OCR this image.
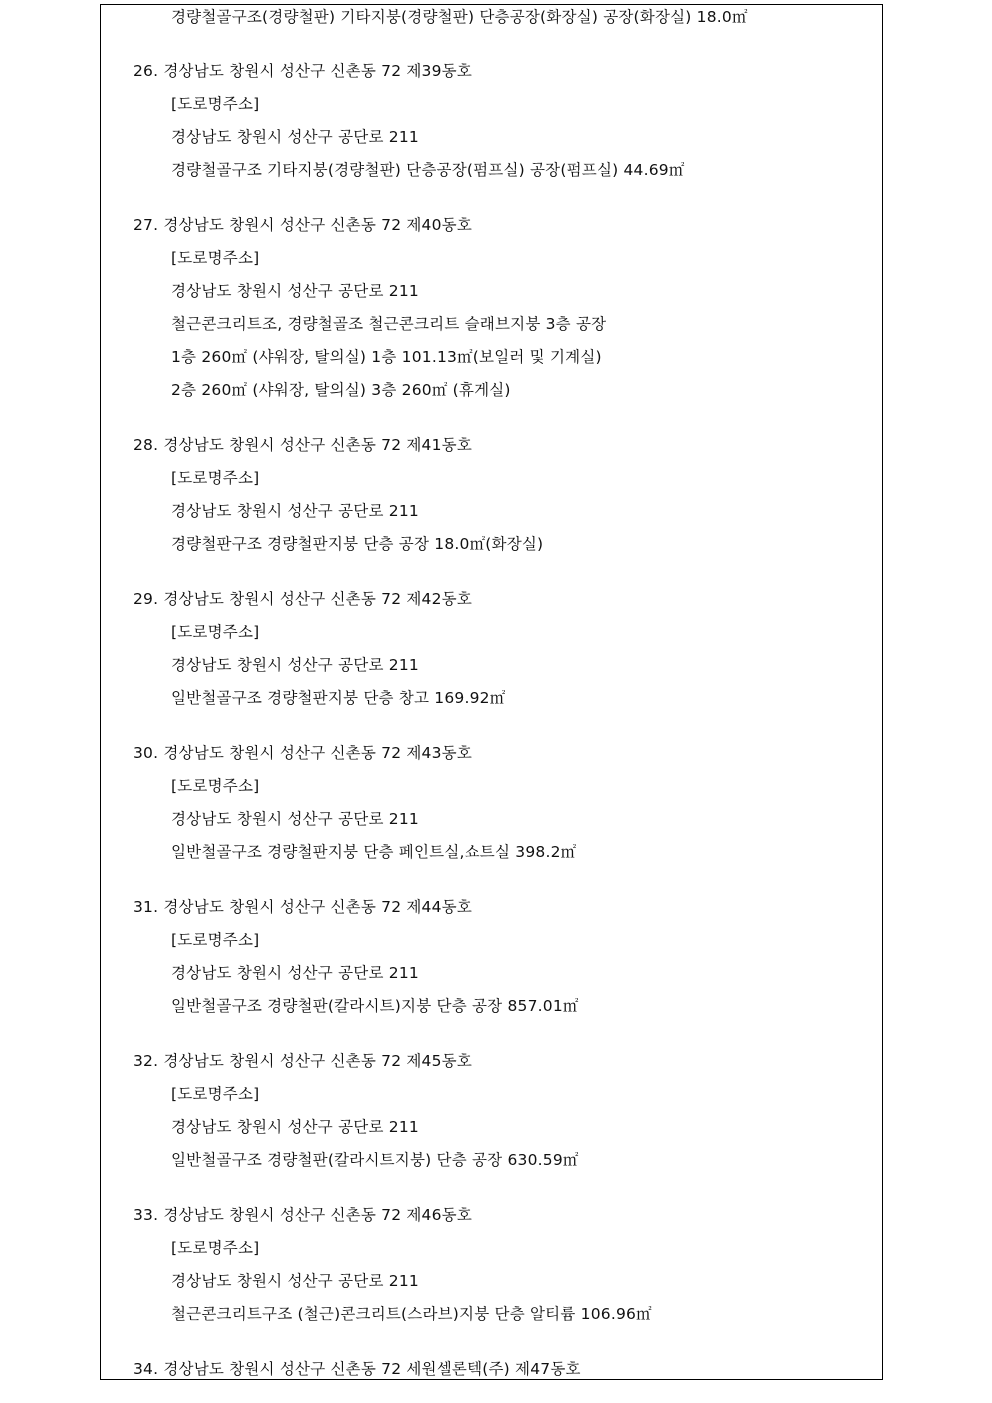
경량철골구조(경량철판) 기타지붕(경량철판) 단층공장(화장실) 공장(화장실) 18.0㎡
26. 경상남도 창원시 성산구 신촌동 72 제39동호
[도로명주소]
경상남도 창원시 성산구 공단로 211
경량철골구조 기타지붕(경량철판) 단층공장(펌프실) 공장(펌프실) 44.69㎡
27. 경상남도 창원시 성산구 신촌동 72 제40동호
[도로명주소]
경상남도 창원시 성산구 공단로 211
철근콘크리트조, 경량철골조 철근콘크리트 슬래브지붕 3층 공장
1층 260㎡ (샤워장, 탈의실) 1층 101.13㎡(보일러 및 기계실)
2층 260㎡ (샤워장, 탈의실) 3층 260㎡ (휴게실)
28. 경상남도 창원시 성산구 신촌동 72 제41동호
[도로명주소]
경상남도 창원시 성산구 공단로 211
경량철판구조 경량철판지붕 단층 공장 18.0㎡(화장실)
29. 경상남도 창원시 성산구 신촌동 72 제42동호
[도로명주소]
경상남도 창원시 성산구 공단로 211
일반철골구조 경량철판지붕 단층 창고 169.92㎡
30. 경상남도 창원시 성산구 신촌동 72 제43동호
[도로명주소]
경상남도 창원시 성산구 공단로 211
일반철골구조 경량철판지붕 단층 페인트실,쇼트실 398.2㎡
31. 경상남도 창원시 성산구 신촌동 72 제44동호
[도로명주소]
경상남도 창원시 성산구 공단로 211
일반철골구조 경량철판(칼라시트)지붕 단층 공장 857.01㎡
32. 경상남도 창원시 성산구 신촌동 72 제45동호
[도로명주소]
경상남도 창원시 성산구 공단로 211
일반철골구조 경량철판(칼라시트지붕) 단층 공장 630.59㎡
33. 경상남도 창원시 성산구 신촌동 72 제46동호
[도로명주소]
경상남도 창원시 성산구 공단로 211
철근콘크리트구조 (철근)콘크리트(스라브)지붕 단층 알티륨 106.96㎡
34. 경상남도 창원시 성산구 신촌동 72 세원셀론텍(주) 제47동호
